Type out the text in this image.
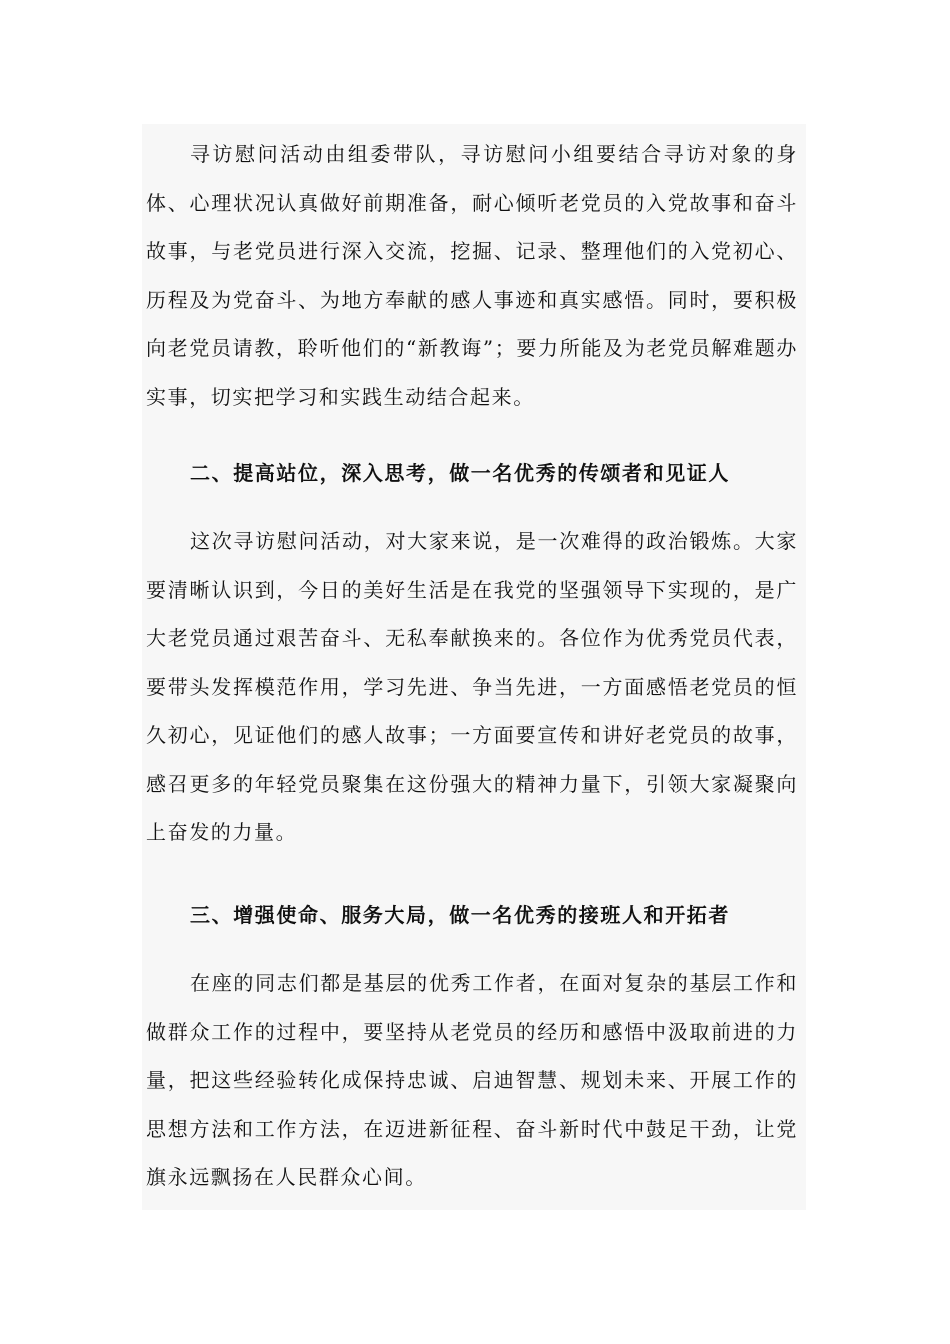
寻访慰问活动由组委带队，寻访慰问小组要结合寻访对象的身体、心理状况认真做好前期准备，耐心倾听老党员的入党故事和奋斗故事，与老党员进行深入交流，挖掘、记录、整理他们的入党初心、历程及为党奋斗、为地方奉献的感人事迹和真实感悟。同时，要积极向老党员请教，聆听他们的“新教诲”；要力所能及为老党员解难题办实事，切实把学习和实践生动结合起来。

二、提高站位，深入思考，做一名优秀的传颂者和见证人

这次寻访慰问活动，对大家来说，是一次难得的政治锻炼。大家要清晰认识到，今日的美好生活是在我党的坚强领导下实现的，是广大老党员通过艰苦奋斗、无私奉献换来的。各位作为优秀党员代表，要带头发挥模范作用，学习先进、争当先进，一方面感悟老党员的恒久初心，见证他们的感人故事；一方面要宣传和讲好老党员的故事，感召更多的年轻党员聚集在这份强大的精神力量下，引领大家凝聚向上奋发的力量。

三、增强使命、服务大局，做一名优秀的接班人和开拓者

在座的同志们都是基层的优秀工作者，在面对复杂的基层工作和做群众工作的过程中，要坚持从老党员的经历和感悟中汲取前进的力量，把这些经验转化成保持忠诚、启迪智慧、规划未来、开展工作的思想方法和工作方法，在迈进新征程、奋斗新时代中鼓足干劲，让党旗永远飘扬在人民群众心间。
